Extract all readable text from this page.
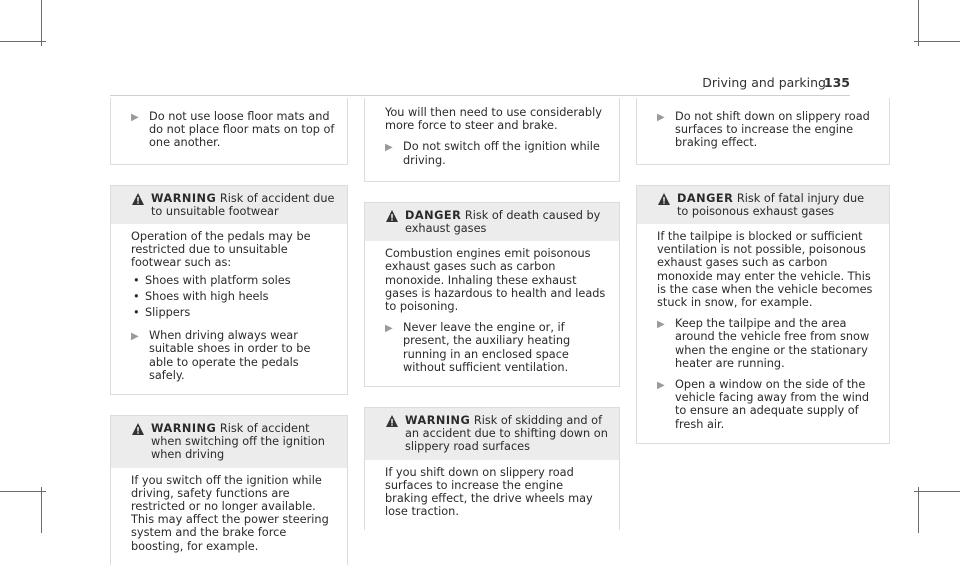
Driving and parking
135
▶ Do not use loose floor mats and do not place floor mats on top of one another.
WARNING Risk of accident due to unsuitable footwear

Operation of the pedals may be restricted due to unsuitable footwear such as:

• Shoes with platform soles
• Shoes with high heels
• Slippers
▶ When driving always wear suitable shoes in order to be able to operate the pedals safely.
WARNING Risk of accident when switching off the ignition when driving

If you switch off the ignition while driving, safety functions are restricted or no longer available. This may affect the power steering system and the brake force boosting, for example.

You will then need to use considerably more force to steer and brake.

▶ Do not switch off the ignition while driving.
DANGER Risk of death caused by exhaust gases

Combustion engines emit poisonous exhaust gases such as carbon monoxide. Inhaling these exhaust gases is hazardous to health and leads to poisoning.

▶ Never leave the engine or, if present, the auxiliary heating running in an enclosed space without sufficient ventilation.
WARNING Risk of skidding and of an accident due to shifting down on slippery road surfaces

If you shift down on slippery road surfaces to increase the engine braking effect, the drive wheels may lose traction.

▶ Do not shift down on slippery road surfaces to increase the engine braking effect.
DANGER Risk of fatal injury due to poisonous exhaust gases

If the tailpipe is blocked or sufficient ventilation is not possible, poisonous exhaust gases such as carbon monoxide may enter the vehicle. This is the case when the vehicle becomes stuck in snow, for example.

▶ Keep the tailpipe and the area around the vehicle free from snow when the engine or the stationary heater are running.
▶ Open a window on the side of the vehicle facing away from the wind to ensure an adequate supply of fresh air.
